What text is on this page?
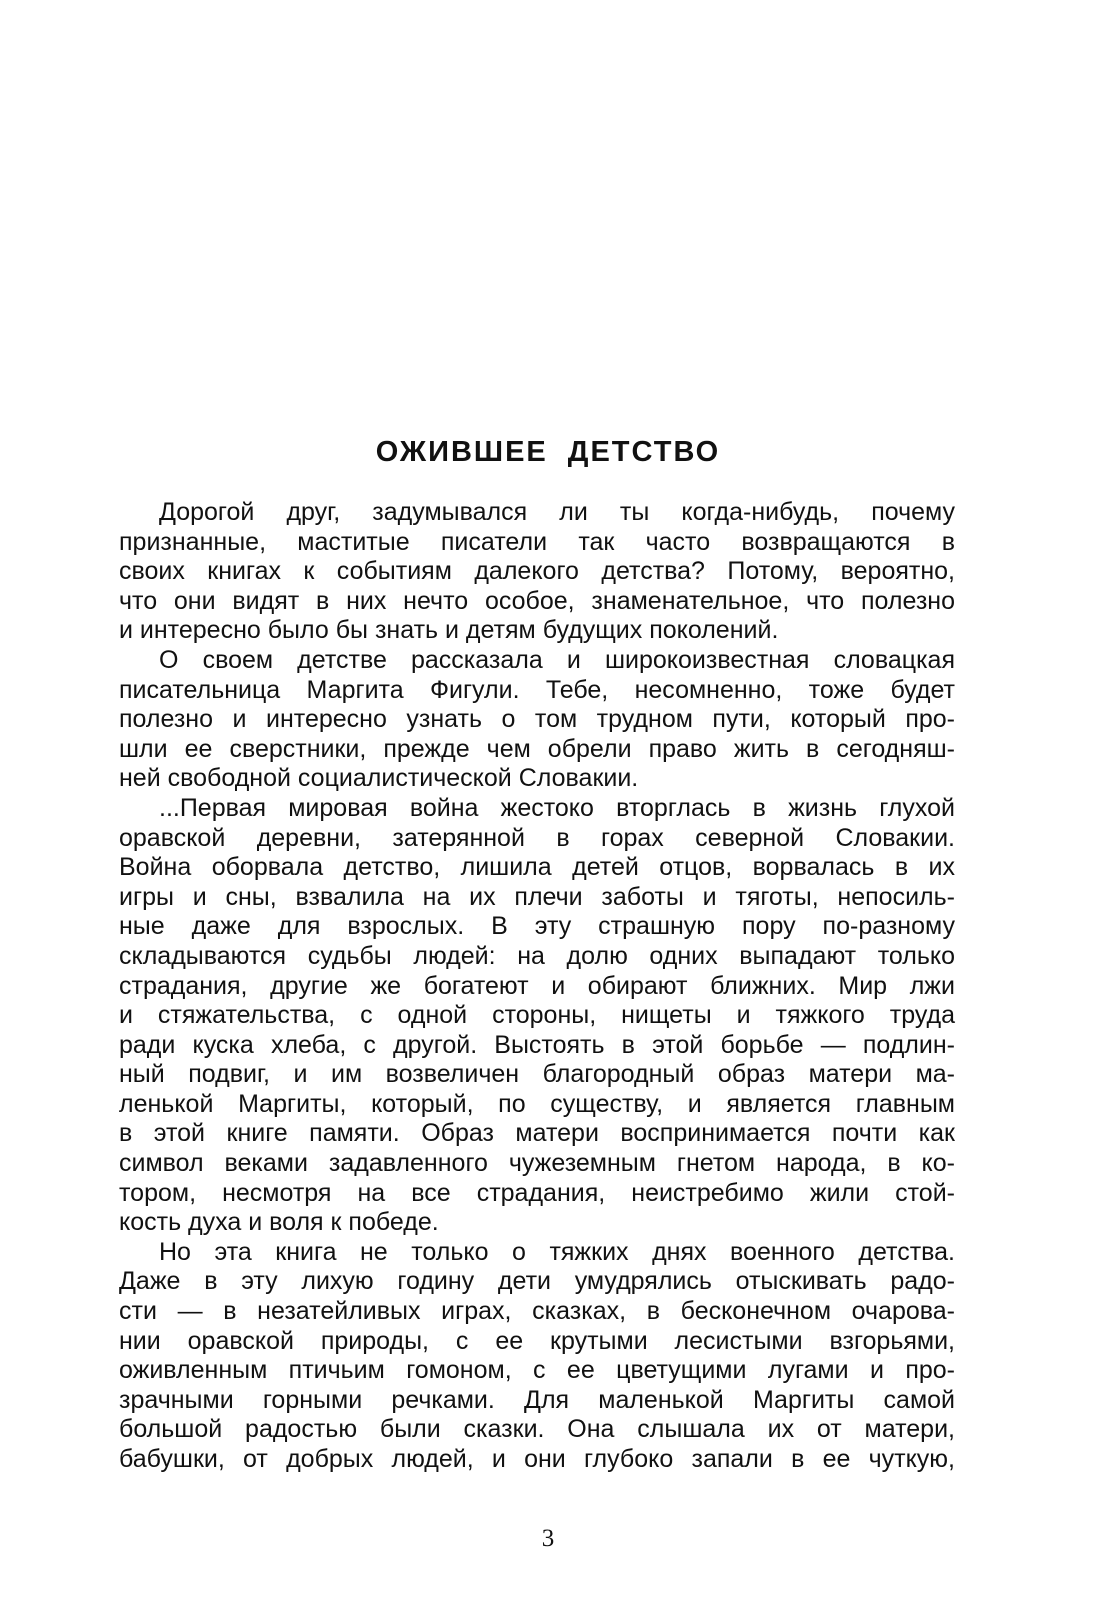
ОЖИВШЕЕ ДЕТСТВО
Дорогой друг, задумывался ли ты когда-нибудь, почему
признанные, маститые писатели так часто возвращаются в
своих книгах к событиям далекого детства? Потому, вероятно,
что они видят в них нечто особое, знаменательное, что полезно
и интересно было бы знать и детям будущих поколений.
О своем детстве рассказала и широкоизвестная словацкая
писательница Маргита Фигули. Тебе, несомненно, тоже будет
полезно и интересно узнать о том трудном пути, который про-
шли ее сверстники, прежде чем обрели право жить в сегодняш-
ней свободной социалистической Словакии.
...Первая мировая война жестоко вторглась в жизнь глухой
оравской деревни, затерянной в горах северной Словакии.
Война оборвала детство, лишила детей отцов, ворвалась в их
игры и сны, взвалила на их плечи заботы и тяготы, непосиль-
ные даже для взрослых. В эту страшную пору по-разному
складываются судьбы людей: на долю одних выпадают только
страдания, другие же богатеют и обирают ближних. Мир лжи
и стяжательства, с одной стороны, нищеты и тяжкого труда
ради куска хлеба, с другой. Выстоять в этой борьбе — подлин-
ный подвиг, и им возвеличен благородный образ матери ма-
ленькой Маргиты, который, по существу, и является главным
в этой книге памяти. Образ матери воспринимается почти как
символ веками задавленного чужеземным гнетом народа, в ко-
тором, несмотря на все страдания, неистребимо жили стой-
кость духа и воля к победе.
Но эта книга не только о тяжких днях военного детства.
Даже в эту лихую годину дети умудрялись отыскивать радо-
сти — в незатейливых играх, сказках, в бесконечном очарова-
нии оравской природы, с ее крутыми лесистыми взгорьями,
оживленным птичьим гомоном, с ее цветущими лугами и про-
зрачными горными речками. Для маленькой Маргиты самой
большой радостью были сказки. Она слышала их от матери,
бабушки, от добрых людей, и они глубоко запали в ее чуткую,
3
